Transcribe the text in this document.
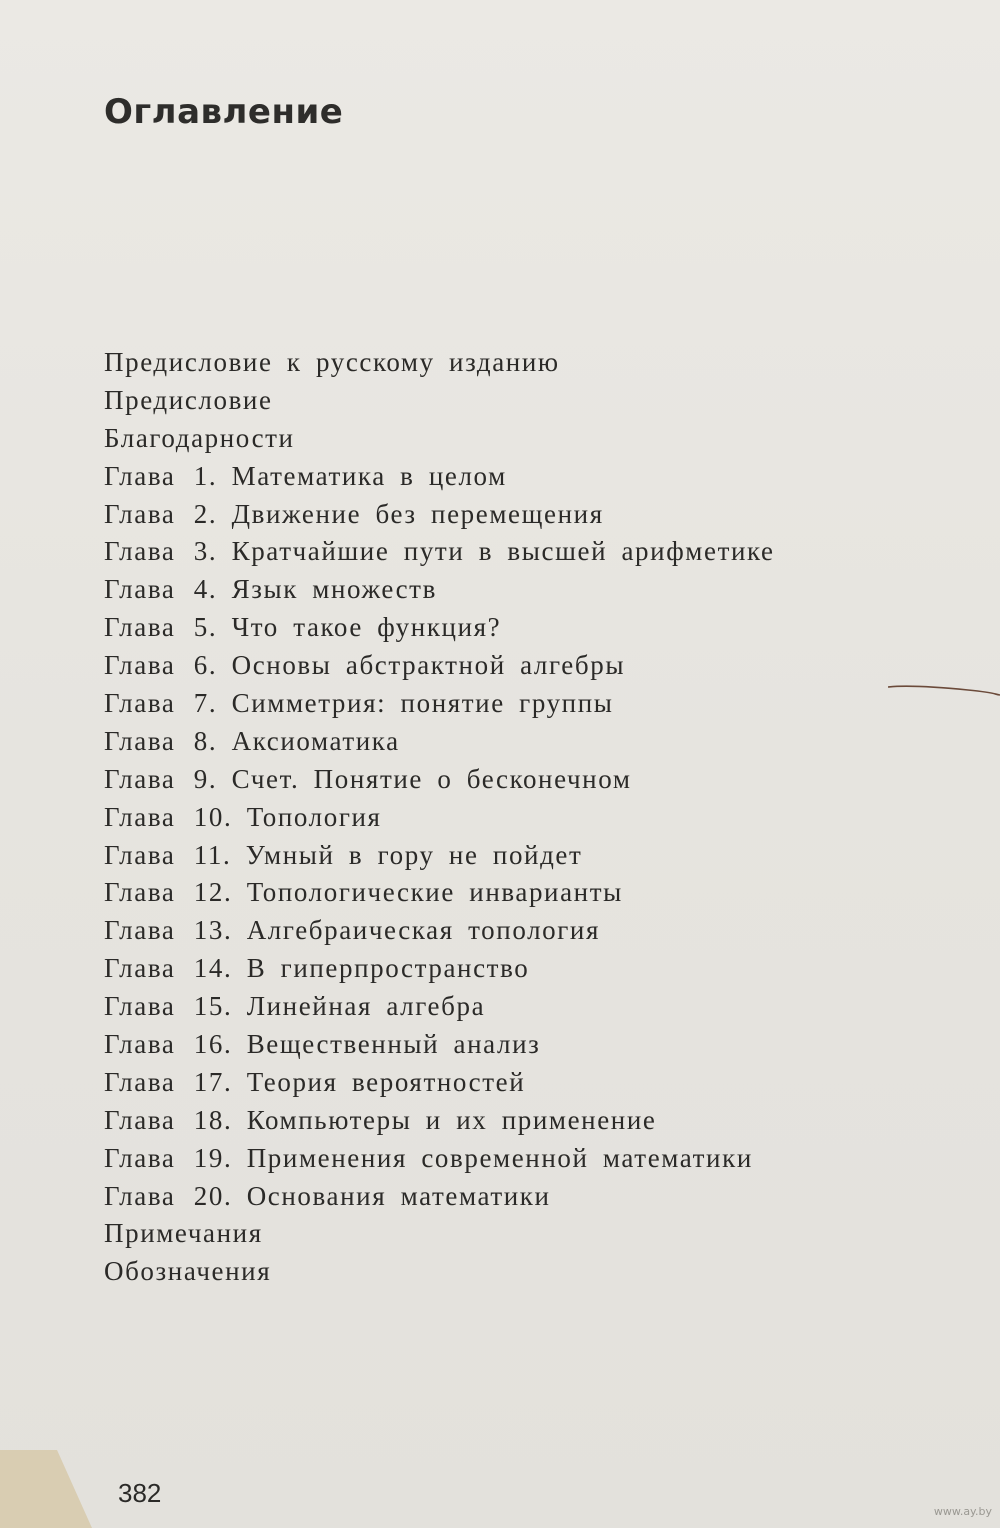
Оглавление
Предисловие к русскому изданию
Предисловие
Благодарности
Глава 1. Математика в целом
Глава 2. Движение без перемещения
Глава 3. Кратчайшие пути в высшей арифметике
Глава 4. Язык множеств
Глава 5. Что такое функция?
Глава 6. Основы абстрактной алгебры
Глава 7. Симметрия: понятие группы
Глава 8. Аксиоматика
Глава 9. Счет. Понятие о бесконечном
Глава 10. Топология
Глава 11. Умный в гору не пойдет
Глава 12. Топологические инварианты
Глава 13. Алгебраическая топология
Глава 14. В гиперпространство
Глава 15. Линейная алгебра
Глава 16. Вещественный анализ
Глава 17. Теория вероятностей
Глава 18. Компьютеры и их применение
Глава 19. Применения современной математики
Глава 20. Основания математики
Примечания
Обозначения
382
www.ay.by
